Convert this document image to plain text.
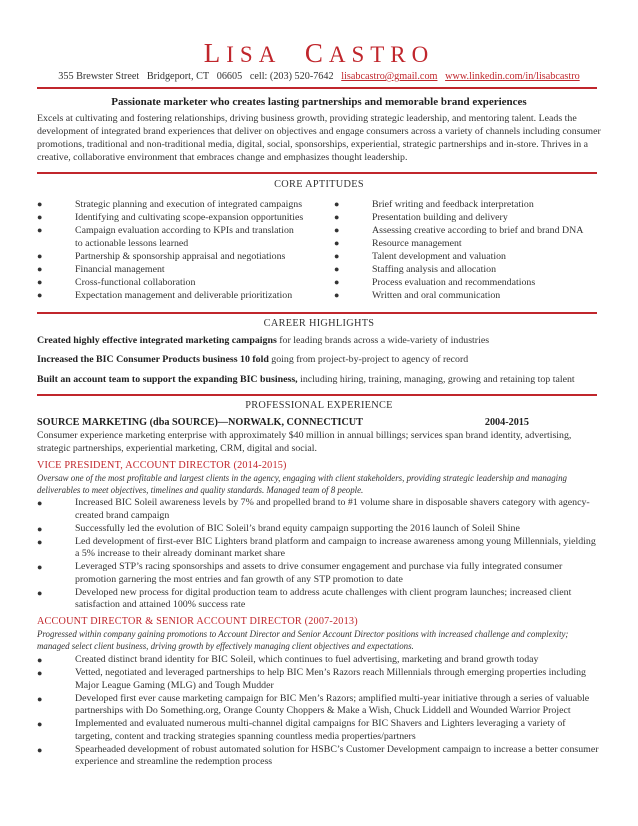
LISA CASTRO
355 Brewster Street Bridgeport, CT 06605 cell: (203) 520-7642 lisabcastro@gmail.com www.linkedin.com/in/lisabcastro
Passionate marketer who creates lasting partnerships and memorable brand experiences
Excels at cultivating and fostering relationships, driving business growth, providing strategic leadership, and mentoring talent. Leads the development of integrated brand experiences that deliver on objectives and engage consumers across a variety of channels including consumer promotions, traditional and non-traditional media, digital, social, sponsorships, experiential, strategic partnerships and in-store. Thrives in a creative, collaborative environment that embraces change and emphasizes thought leadership.
CORE APTITUDES
●	Strategic planning and execution of integrated campaigns
●	Identifying and cultivating scope-expansion opportunities
●	Campaign evaluation according to KPIs and translation to actionable lessons learned
●	Partnership & sponsorship appraisal and negotiations
●	Financial management
●	Cross-functional collaboration
●	Expectation management and deliverable prioritization
●	Brief writing and feedback interpretation
●	Presentation building and delivery
●	Assessing creative according to brief and brand DNA
●	Resource management
●	Talent development and valuation
●	Staffing analysis and allocation
●	Process evaluation and recommendations
●	Written and oral communication
CAREER HIGHLIGHTS
Created highly effective integrated marketing campaigns for leading brands across a wide-variety of industries
Increased the BIC Consumer Products business 10 fold going from project-by-project to agency of record
Built an account team to support the expanding BIC business, including hiring, training, managing, growing and retaining top talent
PROFESSIONAL EXPERIENCE
SOURCE MARKETING (dba SOURCE)—NORWALK, CONNECTICUT	2004-2015
Consumer experience marketing enterprise with approximately $40 million in annual billings; services span brand identity, advertising, strategic partnerships, experiential marketing, CRM, digital and social.
VICE PRESIDENT, ACCOUNT DIRECTOR (2014-2015)
Oversaw one of the most profitable and largest clients in the agency, engaging with client stakeholders, providing strategic leadership and managing deliverables to meet objectives, timelines and quality standards. Managed team of 8 people.
●	Increased BIC Soleil awareness levels by 7% and propelled brand to #1 volume share in disposable shavers category with agency-created brand campaign
●	Successfully led the evolution of BIC Soleil’s brand equity campaign supporting the 2016 launch of Soleil Shine
●	Led development of first-ever BIC Lighters brand platform and campaign to increase awareness among young Millennials, yielding a 5% increase to their already dominant market share
●	Leveraged STP’s racing sponsorships and assets to drive consumer engagement and purchase via fully integrated consumer promotion garnering the most entries and fan growth of any STP promotion to date
●	Developed new process for digital production team to address acute challenges with client program launches; increased client satisfaction and attained 100% success rate
ACCOUNT DIRECTOR & SENIOR ACCOUNT DIRECTOR (2007-2013)
Progressed within company gaining promotions to Account Director and Senior Account Director positions with increased challenge and complexity; managed select client business, driving growth by effectively managing client objectives and expectations.
●	Created distinct brand identity for BIC Soleil, which continues to fuel advertising, marketing and brand growth today
●	Vetted, negotiated and leveraged partnerships to help BIC Men’s Razors reach Millennials through emerging properties including Major League Gaming (MLG) and Tough Mudder
●	Developed first ever cause marketing campaign for BIC Men’s Razors; amplified multi-year initiative through a series of valuable partnerships with Do Something.org, Orange County Choppers & Make a Wish, Chuck Liddell and Wounded Warrior Project
●	Implemented and evaluated numerous multi-channel digital campaigns for BIC Shavers and Lighters leveraging a variety of targeting, content and tracking strategies spanning countless media properties/partners
●	Spearheaded development of robust automated solution for HSBC’s Customer Development campaign to increase a better consumer experience and streamline the redemption process
